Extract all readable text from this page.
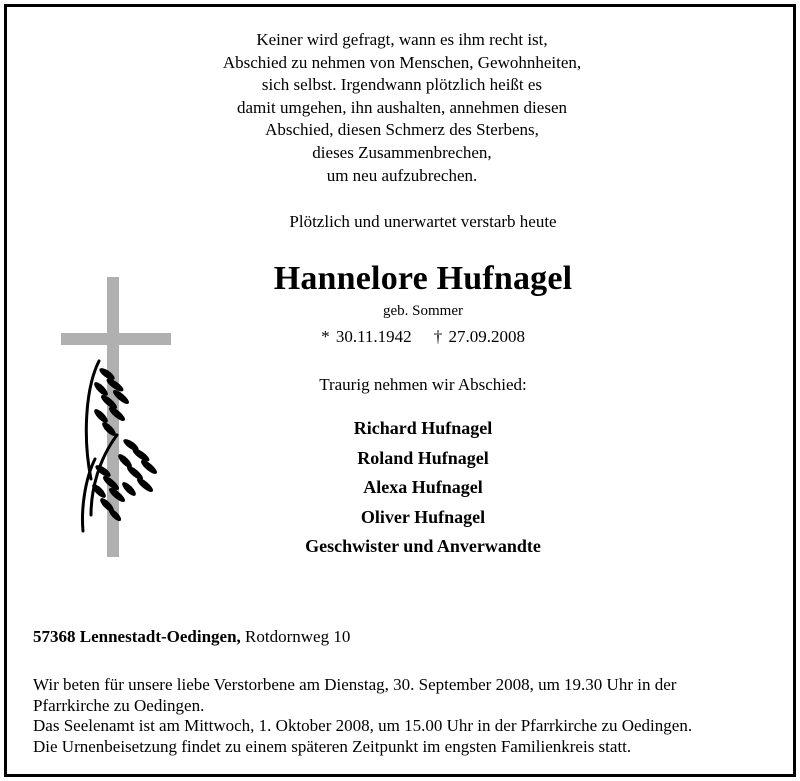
Keiner wird gefragt, wann es ihm recht ist,
Abschied zu nehmen von Menschen, Gewohnheiten,
sich selbst. Irgendwann plötzlich heißt es
damit umgehen, ihn aushalten, annehmen diesen
Abschied, diesen Schmerz des Sterbens,
dieses Zusammenbrechen,
um neu aufzubrechen.
Plötzlich und unerwartet verstarb heute
Hannelore Hufnagel
geb. Sommer
* 30.11.1942 † 27.09.2008
Traurig nehmen wir Abschied:
Richard Hufnagel
Roland Hufnagel
Alexa Hufnagel
Oliver Hufnagel
Geschwister und Anverwandte
57368 Lennestadt-Oedingen, Rotdornweg 10
Wir beten für unsere liebe Verstorbene am Dienstag, 30. September 2008, um 19.30 Uhr in der
Pfarrkirche zu Oedingen.
Das Seelenamt ist am Mittwoch, 1. Oktober 2008, um 15.00 Uhr in der Pfarrkirche zu Oedingen.
Die Urnenbeisetzung findet zu einem späteren Zeitpunkt im engsten Familienkreis statt.
